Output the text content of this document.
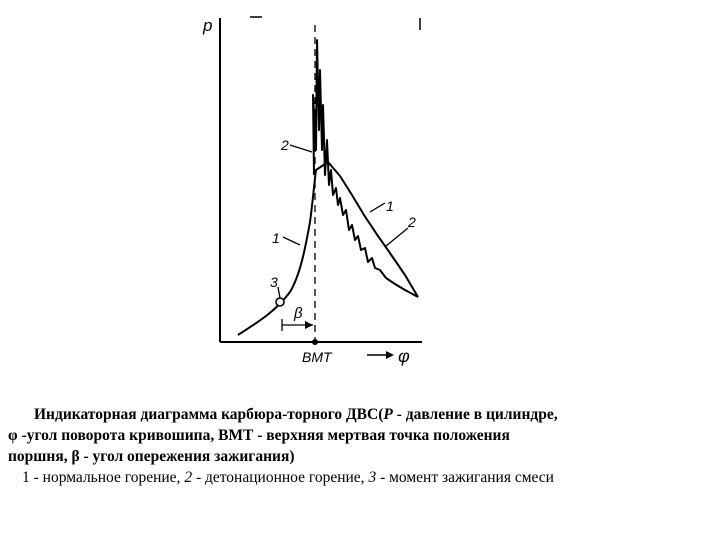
p
φ
ВМТ
β
1
1
2
2
3
Индикаторная диаграмма карбюра-торного ДВС(P - давление в цилиндре,
φ -угол поворота кривошипа, ВМТ - верхняя мертвая точка положения
поршня, β - угол опережения зажигания)
1 - нормальное горение, 2 - детонационное горение, 3 - момент зажигания смеси
